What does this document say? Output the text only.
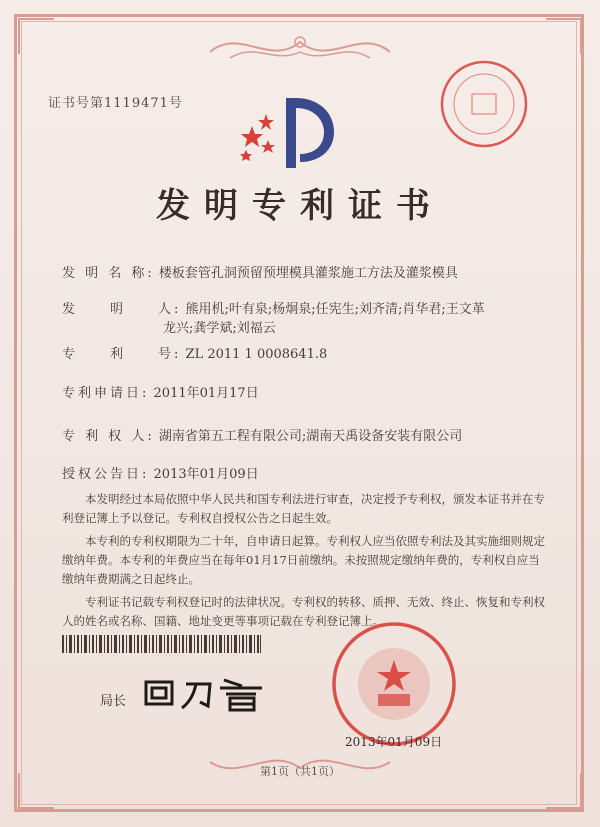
证书号第1119471号
发明专利证书
发 明 名 称: 楼板套管孔洞预留预埋模具灌浆施工方法及灌浆模具
发　　明　　人: 熊用机;叶有泉;杨炯泉;任宪生;刘齐清;肖华君;王文革
龙兴;龚学斌;刘福云
专　　利　　号: ZL 2011 1 0008641.8
专利申请日: 2011年01月17日
专 利 权 人: 湖南省第五工程有限公司;湖南天禹设备安装有限公司
授权公告日: 2013年01月09日

本发明经过本局依照中华人民共和国专利法进行审查，决定授予专利权，颁发本证书并在专利登记簿上予以登记。专利权自授权公告之日起生效。

本专利的专利权期限为二十年，自申请日起算。专利权人应当依照专利法及其实施细则规定缴纳年费。本专利的年费应当在每年01月17日前缴纳。未按照规定缴纳年费的，专利权自应当缴纳年费期满之日起终止。

专利证书记载专利权登记时的法律状况。专利权的转移、质押、无效、终止、恢复和专利权人的姓名或名称、国籍、地址变更等事项记载在专利登记簿上。

局长
2013年01月09日
第1页（共1页）
